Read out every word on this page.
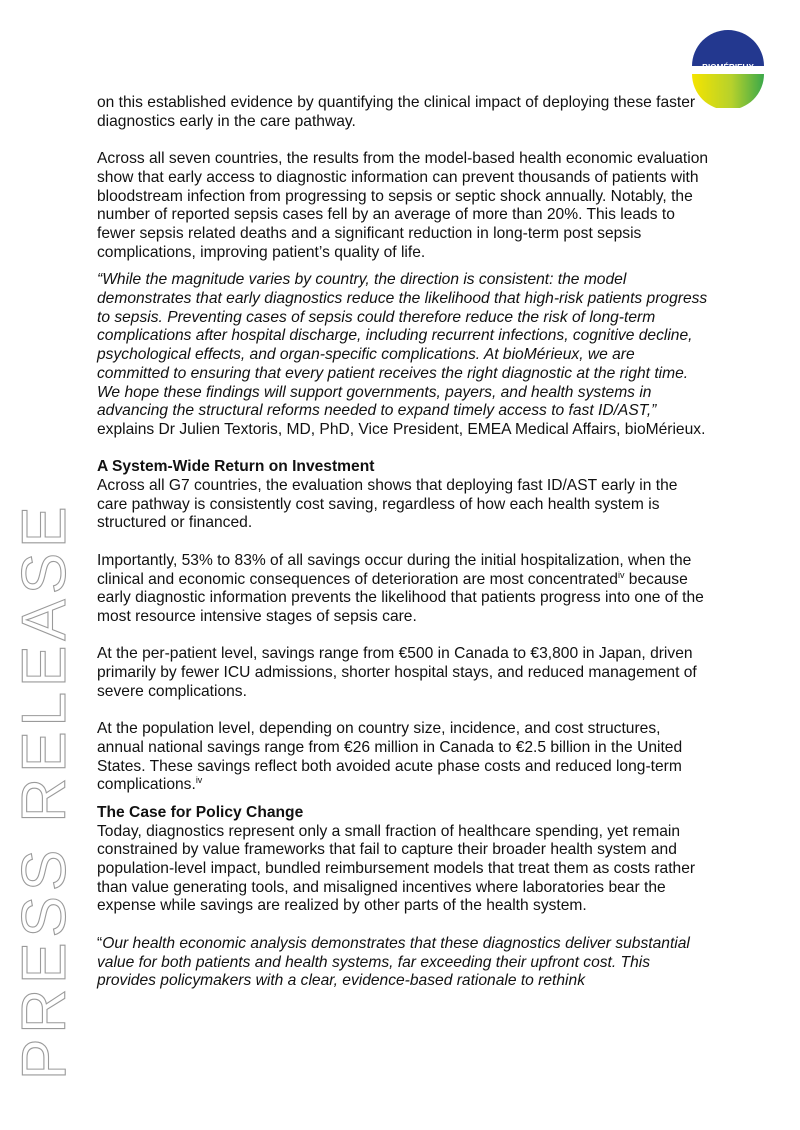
BIOMÉRIEUX
PRESS RELEASE

on this established evidence by quantifying the clinical impact of deploying these faster diagnostics early in the care pathway.

Across all seven countries, the results from the model-based health economic evaluation show that early access to diagnostic information can prevent thousands of patients with bloodstream infection from progressing to sepsis or septic shock annually. Notably, the number of reported sepsis cases fell by an average of more than 20%. This leads to fewer sepsis related deaths and a significant reduction in long-term post sepsis complications, improving patient’s quality of life.

“While the magnitude varies by country, the direction is consistent: the model demonstrates that early diagnostics reduce the likelihood that high-risk patients progress to sepsis. Preventing cases of sepsis could therefore reduce the risk of long-term complications after hospital discharge, including recurrent infections, cognitive decline, psychological effects, and organ-specific complications. At bioMérieux, we are committed to ensuring that every patient receives the right diagnostic at the right time. We hope these findings will support governments, payers, and health systems in advancing the structural reforms needed to expand timely access to fast ID/AST,” explains Dr Julien Textoris, MD, PhD, Vice President, EMEA Medical Affairs, bioMérieux.

A System-Wide Return on Investment

Across all G7 countries, the evaluation shows that deploying fast ID/AST early in the care pathway is consistently cost saving, regardless of how each health system is structured or financed.

Importantly, 53% to 83% of all savings occur during the initial hospitalization, when the clinical and economic consequences of deterioration are most concentrated$^{iv}$ because early diagnostic information prevents the likelihood that patients progress into one of the most resource intensive stages of sepsis care.

At the per-patient level, savings range from €500 in Canada to €3,800 in Japan, driven primarily by fewer ICU admissions, shorter hospital stays, and reduced management of severe complications.

At the population level, depending on country size, incidence, and cost structures, annual national savings range from €26 million in Canada to €2.5 billion in the United States. These savings reflect both avoided acute phase costs and reduced long-term complications.$^{iv}$

The Case for Policy Change

Today, diagnostics represent only a small fraction of healthcare spending, yet remain constrained by value frameworks that fail to capture their broader health system and population-level impact, bundled reimbursement models that treat them as costs rather than value generating tools, and misaligned incentives where laboratories bear the expense while savings are realized by other parts of the health system.

“Our health economic analysis demonstrates that these diagnostics deliver substantial value for both patients and health systems, far exceeding their upfront cost. This provides policymakers with a clear, evidence-based rationale to rethink
